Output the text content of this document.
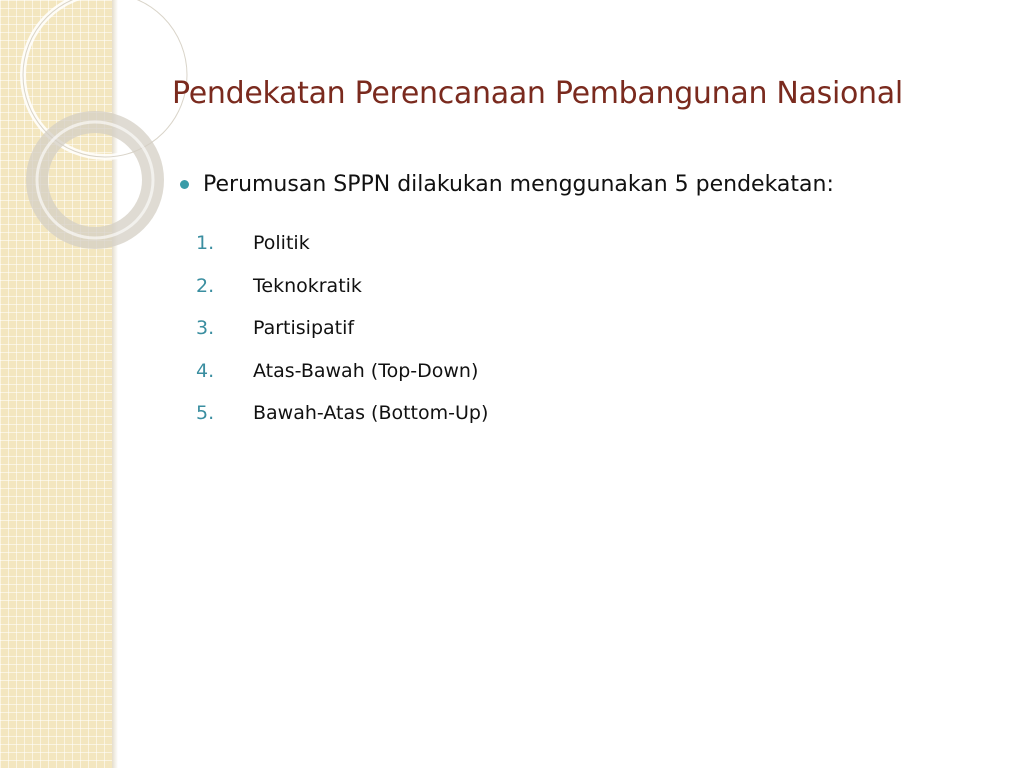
Pendekatan Perencanaan Pembangunan Nasional
Perumusan SPPN dilakukan menggunakan 5 pendekatan:
1.	Politik
2.	Teknokratik
3.	Partisipatif
4.	Atas-Bawah (Top-Down)
5.	Bawah-Atas (Bottom-Up)
